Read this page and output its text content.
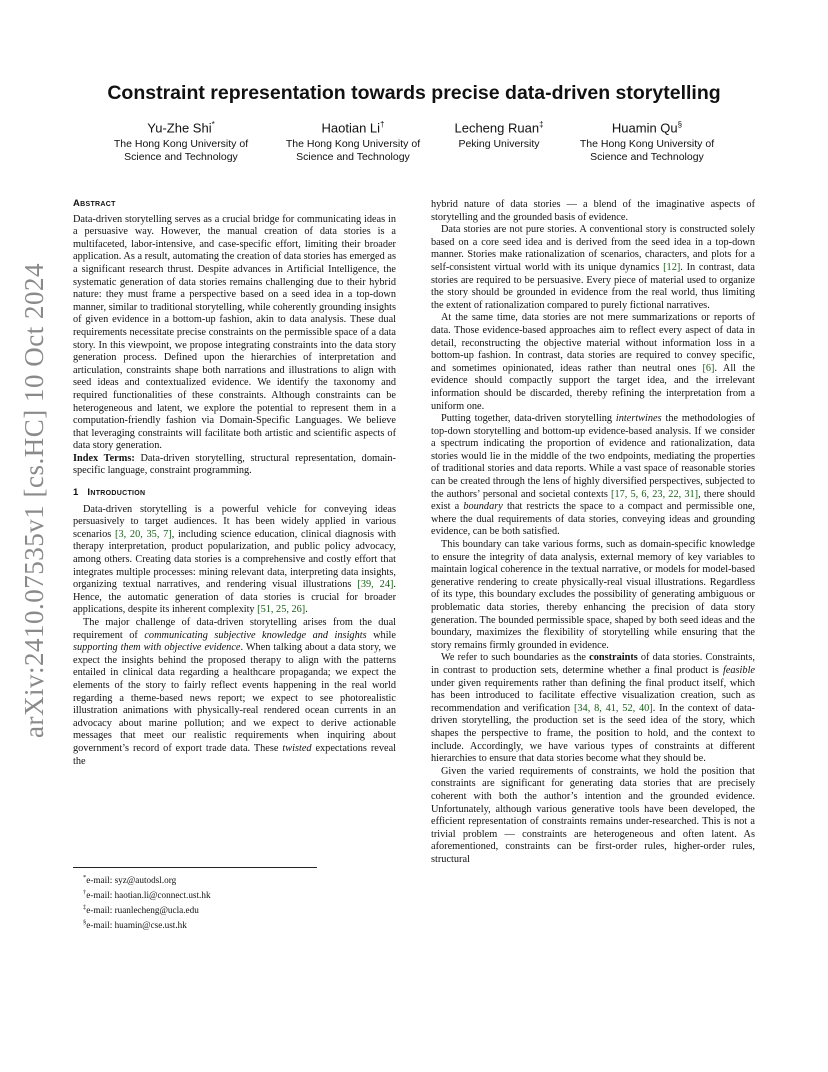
arXiv:2410.07535v1 [cs.HC] 10 Oct 2024
Constraint representation towards precise data-driven storytelling
Yu-Zhe Shi*
The Hong Kong University of
Science and Technology
Haotian Li†
The Hong Kong University of
Science and Technology
Lecheng Ruan‡
Peking University
Huamin Qu§
The Hong Kong University of
Science and Technology
Abstract

Data-driven storytelling serves as a crucial bridge for communicating ideas in a persuasive way. However, the manual creation of data stories is a multifaceted, labor-intensive, and case-specific effort, limiting their broader application. As a result, automating the creation of data stories has emerged as a significant research thrust. Despite advances in Artificial Intelligence, the systematic generation of data stories remains challenging due to their hybrid nature: they must frame a perspective based on a seed idea in a top-down manner, similar to traditional storytelling, while coherently grounding insights of given evidence in a bottom-up fashion, akin to data analysis. These dual requirements necessitate precise constraints on the permissible space of a data story. In this viewpoint, we propose integrating constraints into the data story generation process. Defined upon the hierarchies of interpretation and articulation, constraints shape both narrations and illustrations to align with seed ideas and contextualized evidence. We identify the taxonomy and required functionalities of these constraints. Although constraints can be heterogeneous and latent, we explore the potential to represent them in a computation-friendly fashion via Domain-Specific Languages. We believe that leveraging constraints will facilitate both artistic and scientific aspects of data story generation.

Index Terms: Data-driven storytelling, structural representation, domain-specific language, constraint programming.

1 Introduction

Data-driven storytelling is a powerful vehicle for conveying ideas persuasively to target audiences. It has been widely applied in various scenarios [3, 20, 35, 7], including science education, clinical diagnosis with therapy interpretation, product popularization, and public policy advocacy, among others. Creating data stories is a comprehensive and costly effort that integrates multiple processes: mining relevant data, interpreting data insights, organizing textual narratives, and rendering visual illustrations [39, 24]. Hence, the automatic generation of data stories is crucial for broader applications, despite its inherent complexity [51, 25, 26].

The major challenge of data-driven storytelling arises from the dual requirement of communicating subjective knowledge and insights while supporting them with objective evidence. When talking about a data story, we expect the insights behind the proposed therapy to align with the patterns entailed in clinical data regarding a healthcare propaganda; we expect the elements of the story to fairly reflect events happening in the real world regarding a theme-based news report; we expect to see photorealistic illustration animations with physically-real rendered ocean currents in an advocacy about marine pollution; and we expect to derive actionable messages that meet our realistic requirements when inquiring about government’s record of export trade data. These twisted expectations reveal the

*e-mail: syz@autodsl.org
†e-mail: haotian.li@connect.ust.hk
‡e-mail: ruanlecheng@ucla.edu
§e-mail: huamin@cse.ust.hk

hybrid nature of data stories — a blend of the imaginative aspects of storytelling and the grounded basis of evidence.

Data stories are not pure stories. A conventional story is constructed solely based on a core seed idea and is derived from the seed idea in a top-down manner. Stories make rationalization of scenarios, characters, and plots for a self-consistent virtual world with its unique dynamics [12]. In contrast, data stories are required to be persuasive. Every piece of material used to organize the story should be grounded in evidence from the real world, thus limiting the extent of rationalization compared to purely fictional narratives.

At the same time, data stories are not mere summarizations or reports of data. Those evidence-based approaches aim to reflect every aspect of data in detail, reconstructing the objective material without information loss in a bottom-up fashion. In contrast, data stories are required to convey specific, and sometimes opinionated, ideas rather than neutral ones [6]. All the evidence should compactly support the target idea, and the irrelevant information should be discarded, thereby refining the interpretation from a uniform one.

Putting together, data-driven storytelling intertwines the methodologies of top-down storytelling and bottom-up evidence-based analysis. If we consider a spectrum indicating the proportion of evidence and rationalization, data stories would lie in the middle of the two endpoints, mediating the properties of traditional stories and data reports. While a vast space of reasonable stories can be created through the lens of highly diversified perspectives, subjected to the authors’ personal and societal contexts [17, 5, 6, 23, 22, 31], there should exist a boundary that restricts the space to a compact and permissible one, where the dual requirements of data stories, conveying ideas and grounding evidence, can be both satisfied.

This boundary can take various forms, such as domain-specific knowledge to ensure the integrity of data analysis, external memory of key variables to maintain logical coherence in the textual narrative, or models for model-based generative rendering to create physically-real visual illustrations. Regardless of its type, this boundary excludes the possibility of generating ambiguous or problematic data stories, thereby enhancing the precision of data story generation. The bounded permissible space, shaped by both seed ideas and the boundary, maximizes the flexibility of storytelling while ensuring that the story remains firmly grounded in evidence.

We refer to such boundaries as the constraints of data stories. Constraints, in contrast to production sets, determine whether a final product is feasible under given requirements rather than defining the final product itself, which has been introduced to facilitate effective visualization creation, such as recommendation and verification [34, 8, 41, 52, 40]. In the context of data-driven storytelling, the production set is the seed idea of the story, which shapes the perspective to frame, the position to hold, and the context to include. Accordingly, we have various types of constraints at different hierarchies to ensure that data stories become what they should be.

Given the varied requirements of constraints, we hold the position that constraints are significant for generating data stories that are precisely coherent with both the author’s intention and the grounded evidence. Unfortunately, although various generative tools have been developed, the efficient representation of constraints remains under-researched. This is not a trivial problem — constraints are heterogeneous and often latent. As aforementioned, constraints can be first-order rules, higher-order rules, structural
